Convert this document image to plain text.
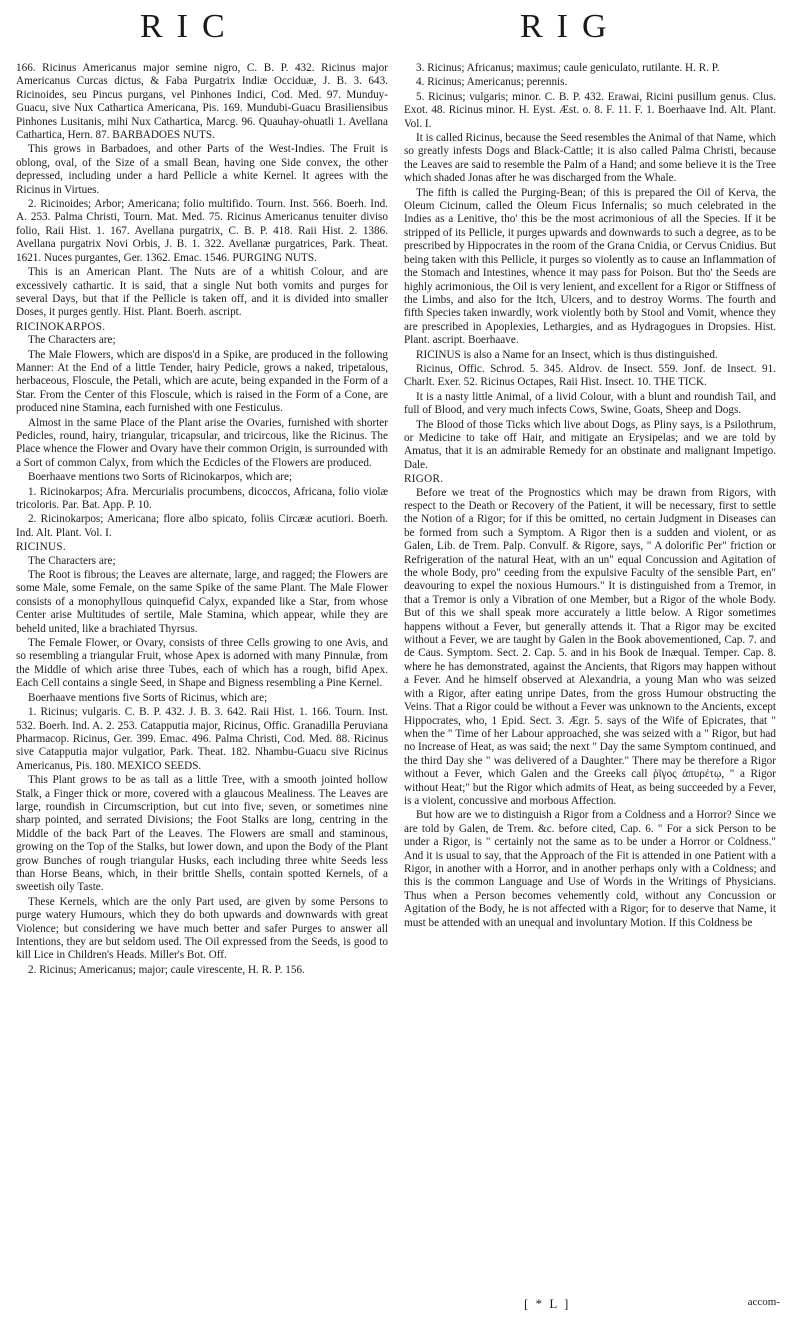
RIC	RIG

166. Ricinus Americanus major semine nigro, C. B. P. 432. Ricinus major Americanus Curcas dictus, & Faba Purgatrix Indiæ Occiduæ, J. B. 3. 643. Ricinoides, seu Pincus purgans, vel Pinhones Indici, Cod. Med. 97. Munduy-Guacu, sive Nux Cathartica Americana, Pis. 169. Mundubi-Guacu Brasiliensibus Pinhones Lusitanis, mihi Nux Cathartica, Marcg. 96. Quauhay-ohuatli 1. Avellana Cathartica, Hern. 87. BARBADOES NUTS.

This grows in Barbadoes, and other Parts of the West-Indies. The Fruit is oblong, oval, of the Size of a small Bean, having one Side convex, the other depressed, including under a hard Pellicle a white Kernel. It agrees with the Ricinus in Virtues.

2. Ricinoides; Arbor; Americana; folio multifido. Tourn. Inst. 566. Boerh. Ind. A. 253. Palma Christi, Tourn. Mat. Med. 75. Ricinus Americanus tenuiter diviso folio, Raii Hist. 1. 167. Avellana purgatrix, C. B. P. 418. Raii Hist. 2. 1386. Avellana purgatrix Novi Orbis, J. B. 1. 322. Avellanæ purgatrices, Park. Theat. 1621. Nuces purgantes, Ger. 1362. Emac. 1546. PURGING NUTS.

This is an American Plant. The Nuts are of a whitish Colour, and are excessively cathartic. It is said, that a single Nut both vomits and purges for several Days, but that if the Pellicle is taken off, and it is divided into smaller Doses, it purges gently. Hist. Plant. Boerh. ascript.

RICINOKARPOS.

The Characters are;

The Male Flowers, which are dispos'd in a Spike, are produced in the following Manner: At the End of a little Tender, hairy Pedicle, grows a naked, tripetalous, herbaceous, Floscule, the Petali, which are acute, being expanded in the Form of a Star. From the Center of this Floscule, which is raised in the Form of a Cone, are produced nine Stamina, each furnished with one Festiculus.

Almost in the same Place of the Plant arise the Ovaries, furnished with shorter Pedicles, round, hairy, triangular, tricapsular, and tricircous, like the Ricinus. The Place whence the Flower and Ovary have their common Origin, is surrounded with a Sort of common Calyx, from which the Ecdicles of the Flowers are produced.

Boerhaave mentions two Sorts of Ricinokarpos, which are;

1. Ricinokarpos; Afra. Mercurialis procumbens, dicoccos, Africana, folio violæ tricoloris. Par. Bat. App. P. 10.

2. Ricinokarpos; Americana; flore albo spicato, foliis Circææ acutiori. Boerh. Ind. Alt. Plant. Vol. I.

RICINUS.

The Characters are;

The Root is fibrous; the Leaves are alternate, large, and ragged; the Flowers are some Male, some Female, on the same Spike of the same Plant. The Male Flower consists of a monophyllous quinquefid Calyx, expanded like a Star, from whose Center arise Multitudes of sertile, Male Stamina, which appear, while they are beheld united, like a brachiated Thyrsus.

The Female Flower, or Ovary, consists of three Cells growing to one Avis, and so resembling a triangular Fruit, whose Apex is adorned with many Pinnulæ, from the Middle of which arise three Tubes, each of which has a rough, bifid Apex. Each Cell contains a single Seed, in Shape and Bigness resembling a Pine Kernel.

Boerhaave mentions five Sorts of Ricinus, which are;

1. Ricinus; vulgaris. C. B. P. 432. J. B. 3. 642. Raii Hist. 1. 166. Tourn. Inst. 532. Boerh. Ind. A. 2. 253. Catapputia major, Ricinus, Offic. Granadilla Peruviana Pharmacop. Ricinus, Ger. 399. Emac. 496. Palma Christi, Cod. Med. 88. Ricinus sive Catapputia major vulgatior, Park. Theat. 182. Nhambu-Guacu sive Ricinus Americanus, Pis. 180. MEXICO SEEDS.

This Plant grows to be as tall as a little Tree, with a smooth jointed hollow Stalk, a Finger thick or more, covered with a glaucous Mealiness. The Leaves are large, roundish in Circumscription, but cut into five, seven, or sometimes nine sharp pointed, and serrated Divisions; the Foot Stalks are long, centring in the Middle of the back Part of the Leaves. The Flowers are small and staminous, growing on the Top of the Stalks, but lower down, and upon the Body of the Plant grow Bunches of rough triangular Husks, each including three white Seeds less than Horse Beans, which, in their brittle Shells, contain spotted Kernels, of a sweetish oily Taste.

These Kernels, which are the only Part used, are given by some Persons to purge watery Humours, which they do both upwards and downwards with great Violence; but considering we have much better and safer Purges to answer all Intentions, they are but seldom used. The Oil expressed from the Seeds, is good to kill Lice in Children's Heads. Miller's Bot. Off.

2. Ricinus; Americanus; major; caule virescente, H. R. P. 156.

3. Ricinus; Africanus; maximus; caule geniculato, rutilante. H. R. P.

4. Ricinus; Americanus; perennis.

5. Ricinus; vulgaris; minor. C. B. P. 432. Erawai, Ricini pusillum genus. Clus. Exot. 48. Ricinus minor. H. Eyst. Æst. o. 8. F. 11. F. 1. Boerhaave Ind. Alt. Plant. Vol. I.

It is called Ricinus, because the Seed resembles the Animal of that Name, which so greatly infests Dogs and Black-Cattle; it is also called Palma Christi, because the Leaves are said to resemble the Palm of a Hand; and some believe it is the Tree which shaded Jonas after he was discharged from the Whale.

The fifth is called the Purging-Bean; of this is prepared the Oil of Kerva, the Oleum Cicinum, called the Oleum Ficus Infernalis; so much celebrated in the Indies as a Lenitive, tho' this be the most acrimonious of all the Species. If it be stripped of its Pellicle, it purges upwards and downwards to such a degree, as to be prescribed by Hippocrates in the room of the Grana Cnidia, or Cervus Cnidius. But being taken with this Pellicle, it purges so violently as to cause an Inflammation of the Stomach and Intestines, whence it may pass for Poison. But tho' the Seeds are highly acrimonious, the Oil is very lenient, and excellent for a Rigor or Stiffness of the Limbs, and also for the Itch, Ulcers, and to destroy Worms. The fourth and fifth Species taken inwardly, work violently both by Stool and Vomit, whence they are prescribed in Apoplexies, Lethargies, and as Hydragogues in Dropsies. Hist. Plant. ascript. Boerhaave.

RICINUS is also a Name for an Insect, which is thus distinguished.

Ricinus, Offic. Schrod. 5. 345. Aldrov. de Insect. 559. Jonf. de Insect. 91. Charlt. Exer. 52. Ricinus Octapes, Raii Hist. Insect. 10. THE TICK.

It is a nasty little Animal, of a livid Colour, with a blunt and roundish Tail, and full of Blood, and very much infects Cows, Swine, Goats, Sheep and Dogs.

The Blood of those Ticks which live about Dogs, as Pliny says, is a Psilothrum, or Medicine to take off Hair, and mitigate an Erysipelas; and we are told by Amatus, that it is an admirable Remedy for an obstinate and malignant Impetigo. Dale.

RIGOR.

Before we treat of the Prognostics which may be drawn from Rigors, with respect to the Death or Recovery of the Patient, it will be necessary, first to settle the Notion of a Rigor; for if this be omitted, no certain Judgment in Diseases can be formed from such a Symptom. A Rigor then is a sudden and violent, or as Galen, Lib. de Trem. Palp. Convulf. & Rigore, says, " A dolorific Per" friction or Refrigeration of the natural Heat, with an un" equal Concussion and Agitation of the whole Body, pro" ceeding from the expulsive Faculty of the sensible Part, en" deavouring to expel the noxious Humours." It is distinguished from a Tremor, in that a Tremor is only a Vibration of one Member, but a Rigor of the whole Body. But of this we shall speak more accurately a little below. A Rigor sometimes happens without a Fever, but generally attends it. That a Rigor may be excited without a Fever, we are taught by Galen in the Book abovementioned, Cap. 7. and de Caus. Symptom. Sect. 2. Cap. 5. and in his Book de Inæqual. Temper. Cap. 8. where he has demonstrated, against the Ancients, that Rigors may happen without a Fever. And he himself observed at Alexandria, a young Man who was seized with a Rigor, after eating unripe Dates, from the gross Humour obstructing the Veins. That a Rigor could be without a Fever was unknown to the Ancients, except Hippocrates, who, 1 Epid. Sect. 3. Ægr. 5. says of the Wife of Epicrates, that " when the " Time of her Labour approached, she was seized with a " Rigor, but had no Increase of Heat, as was said; the next " Day the same Symptom continued, and the third Day she " was delivered of a Daughter." There may be therefore a Rigor without a Fever, which Galen and the Greeks call ῥῖγος ἀπυρέτῳ, " a Rigor without Heat;" but the Rigor which admits of Heat, as being succeeded by a Fever, is a violent, concussive and morbous Affection.

But how are we to distinguish a Rigor from a Coldness and a Horror? Since we are told by Galen, de Trem. &c. before cited, Cap. 6. " For a sick Person to be under a Rigor, is " certainly not the same as to be under a Horror or Coldness." And it is usual to say, that the Approach of the Fit is attended in one Patient with a Rigor, in another with a Horror, and in another perhaps only with a Coldness; and this is the common Language and Use of Words in the Writings of Physicians. Thus when a Person becomes vehemently cold, without any Concussion or Agitation of the Body, he is not affected with a Rigor; for to deserve that Name, it must be attended with an unequal and involuntary Motion. If this Coldness be

[ * L ]	accom-
